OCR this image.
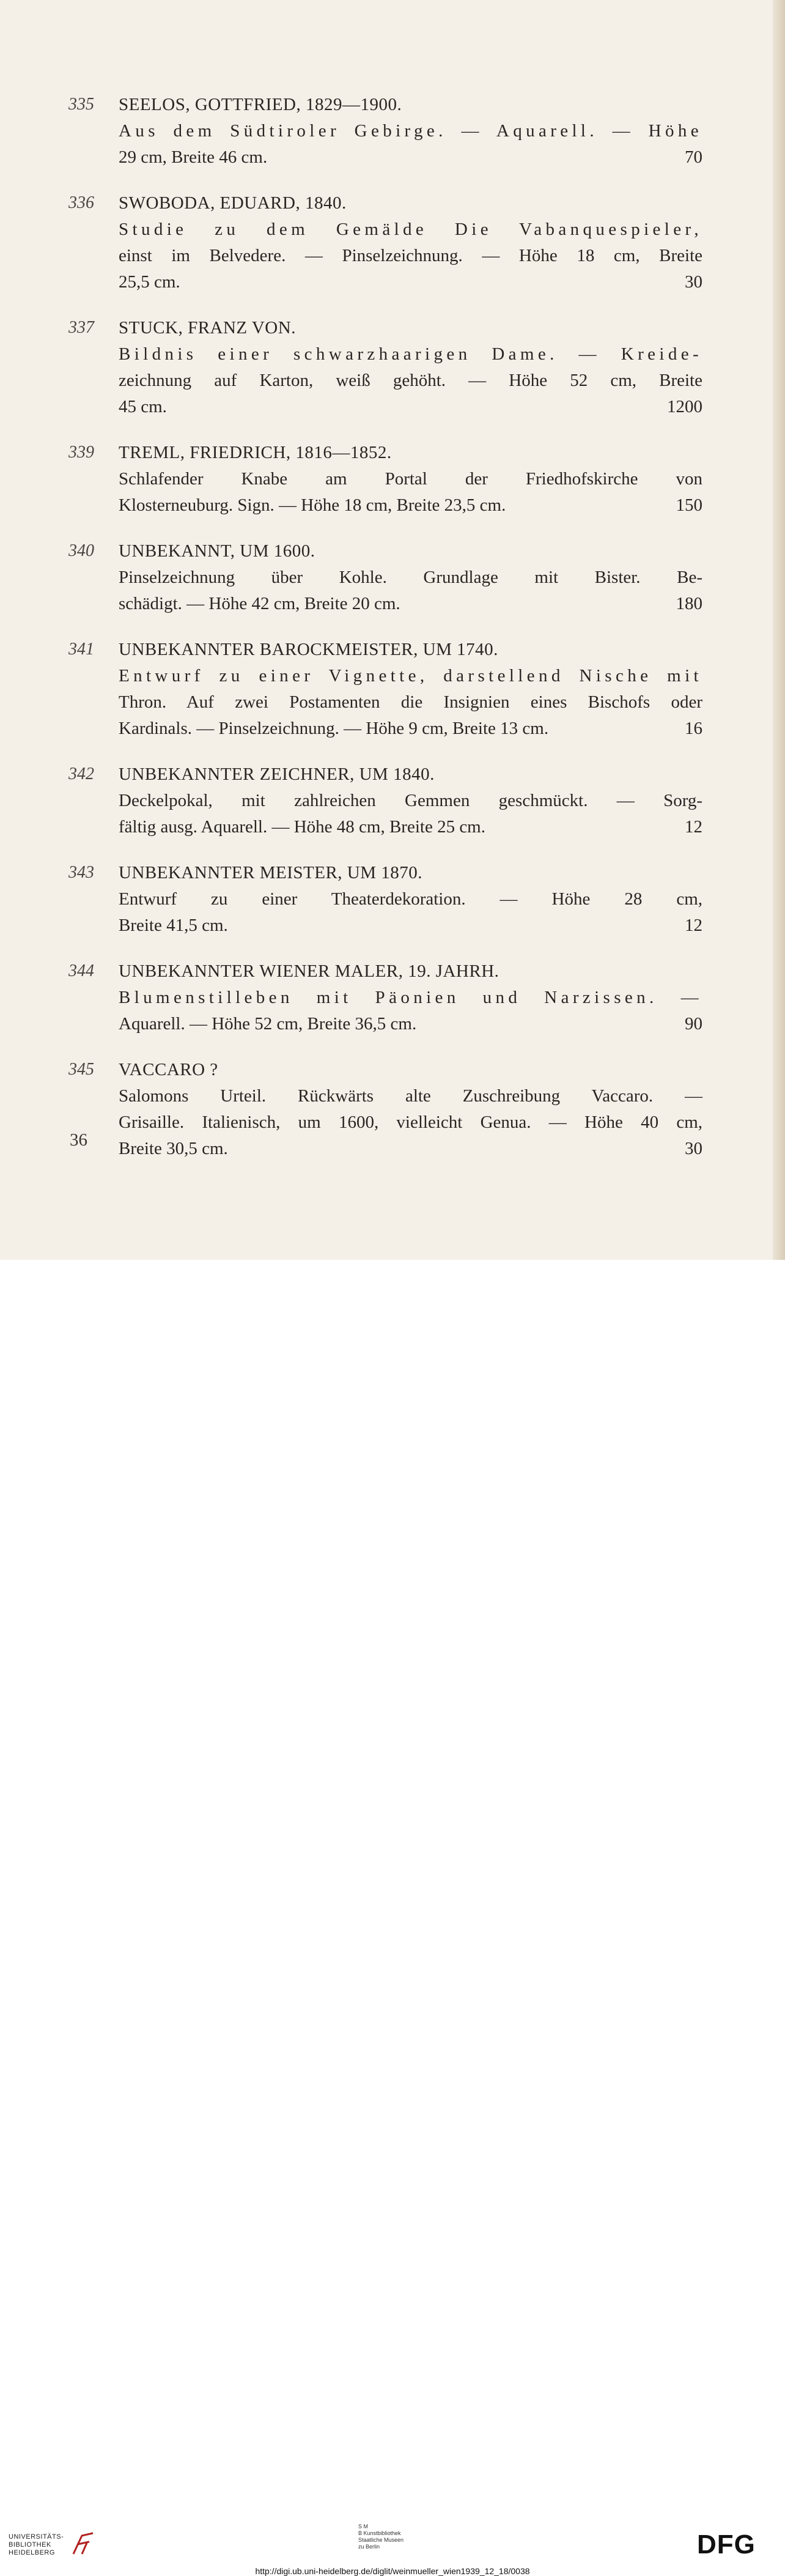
335 SEELOS, GOTTFRIED, 1829—1900.
Aus dem Südtiroler Gebirge. — Aquarell. — Höhe
29 cm, Breite 46 cm.	70
336 SWOBODA, EDUARD, 1840.
Studie zu dem Gemälde Die Vabanquespieler,
einst im Belvedere. — Pinselzeichnung. — Höhe 18 cm, Breite
25,5 cm.	30
337 STUCK, FRANZ VON.
Bildnis einer schwarzhaarigen Dame. — Kreide-
zeichnung auf Karton, weiß gehöht. — Höhe 52 cm, Breite
45 cm.	1200
339 TREML, FRIEDRICH, 1816—1852.
Schlafender Knabe am Portal der Friedhofskirche von
Klosterneuburg. Sign. — Höhe 18 cm, Breite 23,5 cm.	150
340 UNBEKANNT, UM 1600.
Pinselzeichnung über Kohle. Grundlage mit Bister. Be-
schädigt. — Höhe 42 cm, Breite 20 cm.	180
341 UNBEKANNTER BAROCKMEISTER, UM 1740.
Entwurf zu einer Vignette, darstellend Nische mit
Thron. Auf zwei Postamenten die Insignien eines Bischofs oder
Kardinals. — Pinselzeichnung. — Höhe 9 cm, Breite 13 cm.	16
342 UNBEKANNTER ZEICHNER, UM 1840.
Deckelpokal, mit zahlreichen Gemmen geschmückt. — Sorg-
fältig ausg. Aquarell. — Höhe 48 cm, Breite 25 cm.	12
343 UNBEKANNTER MEISTER, UM 1870.
Entwurf zu einer Theaterdekoration. — Höhe 28 cm,
Breite 41,5 cm.	12
344 UNBEKANNTER WIENER MALER, 19. JAHRH.
Blumenstilleben mit Päonien und Narzissen. —
Aquarell. — Höhe 52 cm, Breite 36,5 cm.	90
345 VACCARO ?
Salomons Urteil. Rückwärts alte Zuschreibung Vaccaro. —
Grisaille. Italienisch, um 1600, vielleicht Genua. — Höhe 40 cm,
Breite 30,5 cm.	30
36
UNIVERSITÄTS-
BIBLIOTHEK
HEIDELBERG
S M
B Kunstbibliothek
Staatliche Museen
zu Berlin	DFG
http://digi.ub.uni-heidelberg.de/diglit/weinmueller_wien1939_12_18/0038
